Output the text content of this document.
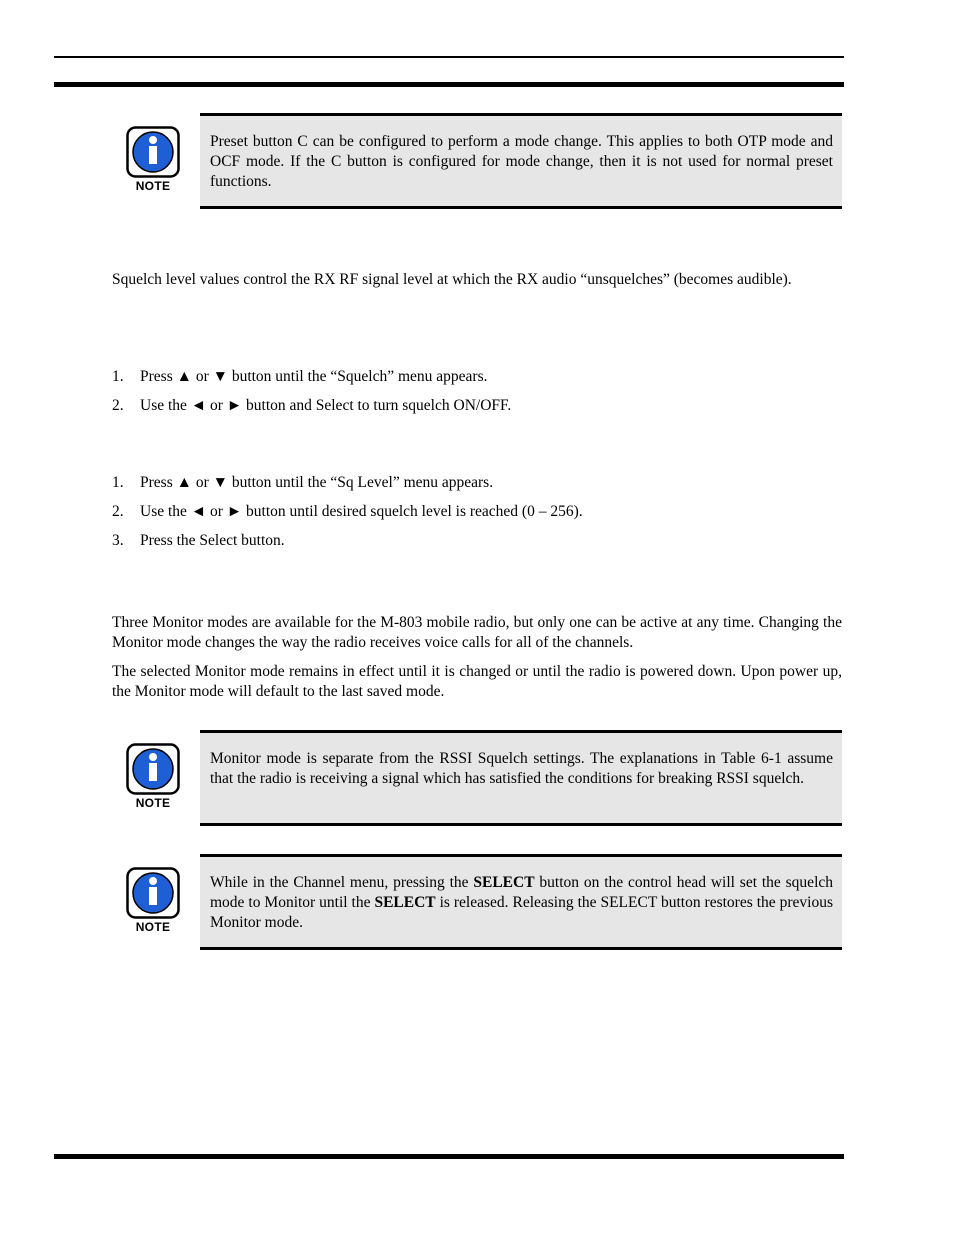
NOTE
Preset button C can be configured to perform a mode change. This applies to both OTP mode and OCF mode. If the C button is configured for mode change, then it is not used for normal preset functions.
Squelch level values control the RX RF signal level at which the RX audio “unsquelches” (becomes audible).
1. Press ▲ or ▼ button until the “Squelch” menu appears.
2. Use the ◄ or ► button and Select to turn squelch ON/OFF.
1. Press ▲ or ▼ button until the “Sq Level” menu appears.
2. Use the ◄ or ► button until desired squelch level is reached (0 – 256).
3. Press the Select button.
Three Monitor modes are available for the M-803 mobile radio, but only one can be active at any time. Changing the Monitor mode changes the way the radio receives voice calls for all of the channels.
The selected Monitor mode remains in effect until it is changed or until the radio is powered down. Upon power up, the Monitor mode will default to the last saved mode.
NOTE
Monitor mode is separate from the RSSI Squelch settings. The explanations in Table 6-1 assume that the radio is receiving a signal which has satisfied the conditions for breaking RSSI squelch.
NOTE
While in the Channel menu, pressing the SELECT button on the control head will set the squelch mode to Monitor until the SELECT is released. Releasing the SELECT button restores the previous Monitor mode.
